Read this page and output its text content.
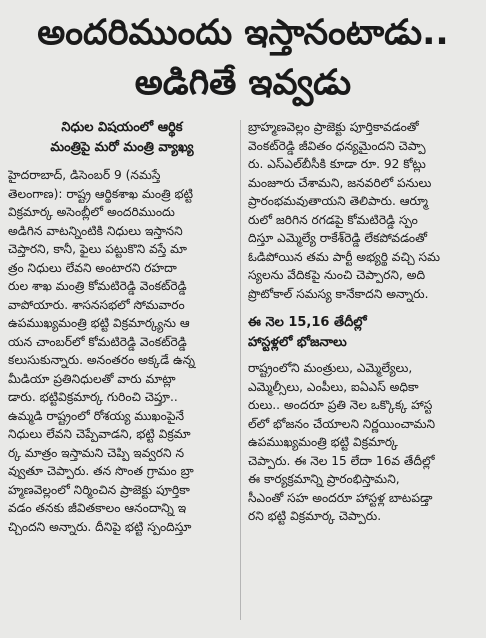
అందరిముందు ఇస్తానంటాడు..
అడిగితే ఇవ్వడు
నిధుల విషయంలో ఆర్థిక
మంత్రిపై మరో మంత్రి వ్యాఖ్య
హైదరాబాద్, డిసెంబర్ 9 (నమస్తే
తెలంగాణ): రాష్ట్ర ఆర్థికశాఖ మంత్రి భట్టి
విక్రమార్క అసెంబ్లీలో అందరిముందు
అడిగిన వాటన్నింటికి నిధులు ఇస్తానని
చెప్తారని, కానీ, ఫైలు పట్టుకొని వస్తే మా
త్రం నిధులు లేవని అంటారని రహదా
రుల శాఖ మంత్రి కోమటిరెడ్డి వెంకట్‌రెడ్డి
వాపోయారు. శాసనసభలో సోమవారం
ఉపముఖ్యమంత్రి భట్టి విక్రమార్క్యను ఆ
యన చాంబర్‌లో కోమటిరెడ్డి వెంకట్‌రెడ్డి
కలుసుకున్నారు. అనంతరం అక్కడే ఉన్న
మీడియా ప్రతినిధులతో వారు మాట్లా
డారు. భట్టివిక్రమార్క గురించి చెప్తూ..
ఉమ్మడి రాష్ట్రంలో రోశయ్య ముఖంపైనే
నిధులు లేవని చెప్పేవాడని, భట్టి విక్రమా
ర్క మాత్రం ఇస్తామని చెప్పి ఇవ్వరని న
వ్వుతూ చెప్పారు. తన సొంత గ్రామం బ్రా
హ్మణవెల్లంలో నిర్మించిన ప్రాజెక్టు పూర్తికా
వడం తనకు జీవితకాలం ఆనందాన్ని ఇ
చ్చిందని అన్నారు. దీనిపై భట్టి స్పందిస్తూ
బ్రాహ్మణవెల్లం ప్రాజెక్టు పూర్తికావడంతో
వెంకట్‌రెడ్డి జీవితం ధన్యమైందని చెప్పా
రు. ఎస్‌ఎల్‌బీసీకి కూడా రూ. 92 కోట్లు
మంజూరు చేశామని, జనవరిలో పనులు
ప్రారంభమవుతాయని తెలిపారు. ఆర్మూ
రులో జరిగిన రగడపై కోమటిరెడ్డి స్పం
దిస్తూ ఎమ్మెల్యే రాకేశ్‌రెడ్డి లేకపోవడంతో
ఓడిపోయిన తమ పార్టీ అభ్యర్థి వచ్చి సమ
స్యలను వేదికపై నుంచి చెప్పారని, అది
ప్రొటోకాల్ సమస్య కానేకాదని అన్నారు.
ఈ నెల 15,16 తేదీల్లో
హాస్టళ్లలో భోజనాలు
రాష్ట్రంలోని మంత్రులు, ఎమ్మెల్యేలు,
ఎమ్మెల్సీలు, ఎంపీలు, ఐఏఎస్ అధికా
రులు.. అందరూ ప్రతి నెల ఒక్కొక్క హాస్ట
ల్‌లో భోజనం చేయాలని నిర్ణయించామని
ఉపముఖ్యమంత్రి భట్టి విక్రమార్క
చెప్పారు. ఈ నెల 15 లేదా 16వ తేదీల్లో
ఈ కార్యక్రమాన్ని ప్రారంభిస్తామని,
సీఎంతో సహ అందరూ హాస్టళ్ల బాటపడ్తా
రని భట్టి విక్రమార్క చెప్పారు.
